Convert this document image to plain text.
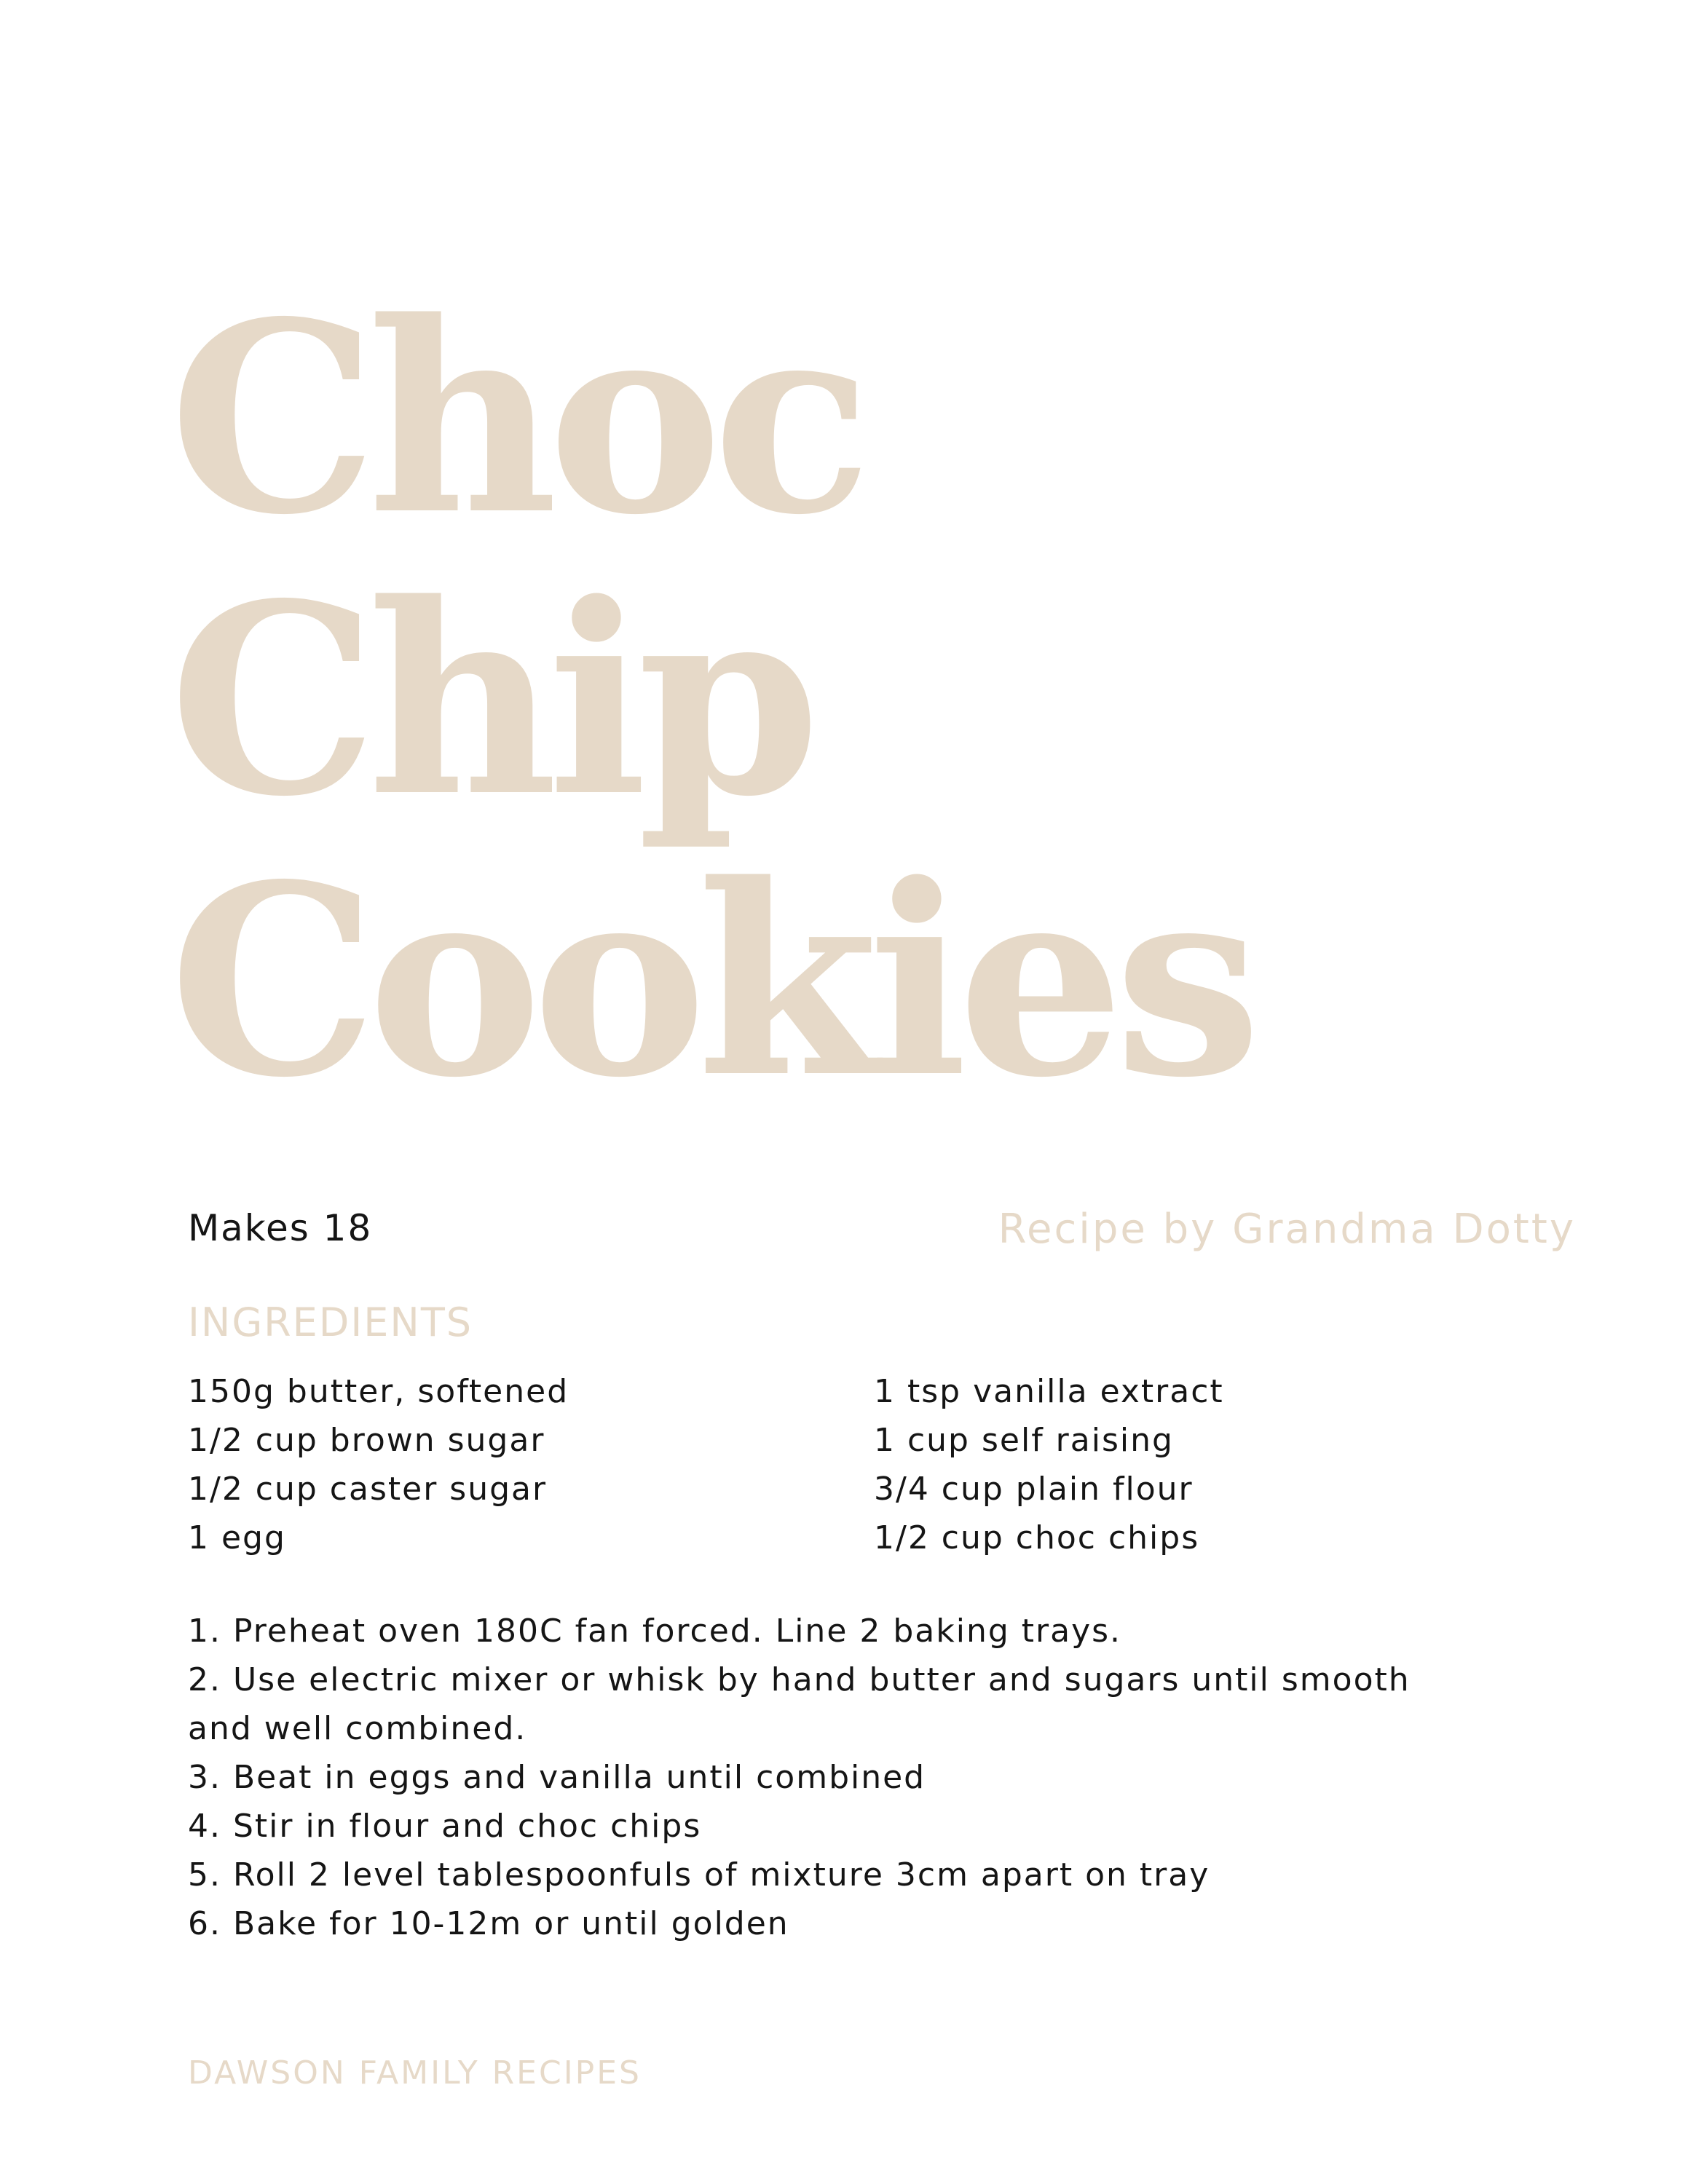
Choc
Chip
Cookies
Makes 18	Recipe by Grandma Dotty
INGREDIENTS
150g butter, softened
1/2 cup brown sugar
1/2 cup caster sugar
1 egg
1 tsp vanilla extract
1 cup self raising
3/4 cup plain flour
1/2 cup choc chips
1. Preheat oven 180C fan forced. Line 2 baking trays.
2. Use electric mixer or whisk by hand butter and sugars until smooth and well combined.
3. Beat in eggs and vanilla until combined
4. Stir in flour and choc chips
5. Roll 2 level tablespoonfuls of mixture 3cm apart on tray
6. Bake for 10-12m or until golden
DAWSON FAMILY RECIPES
